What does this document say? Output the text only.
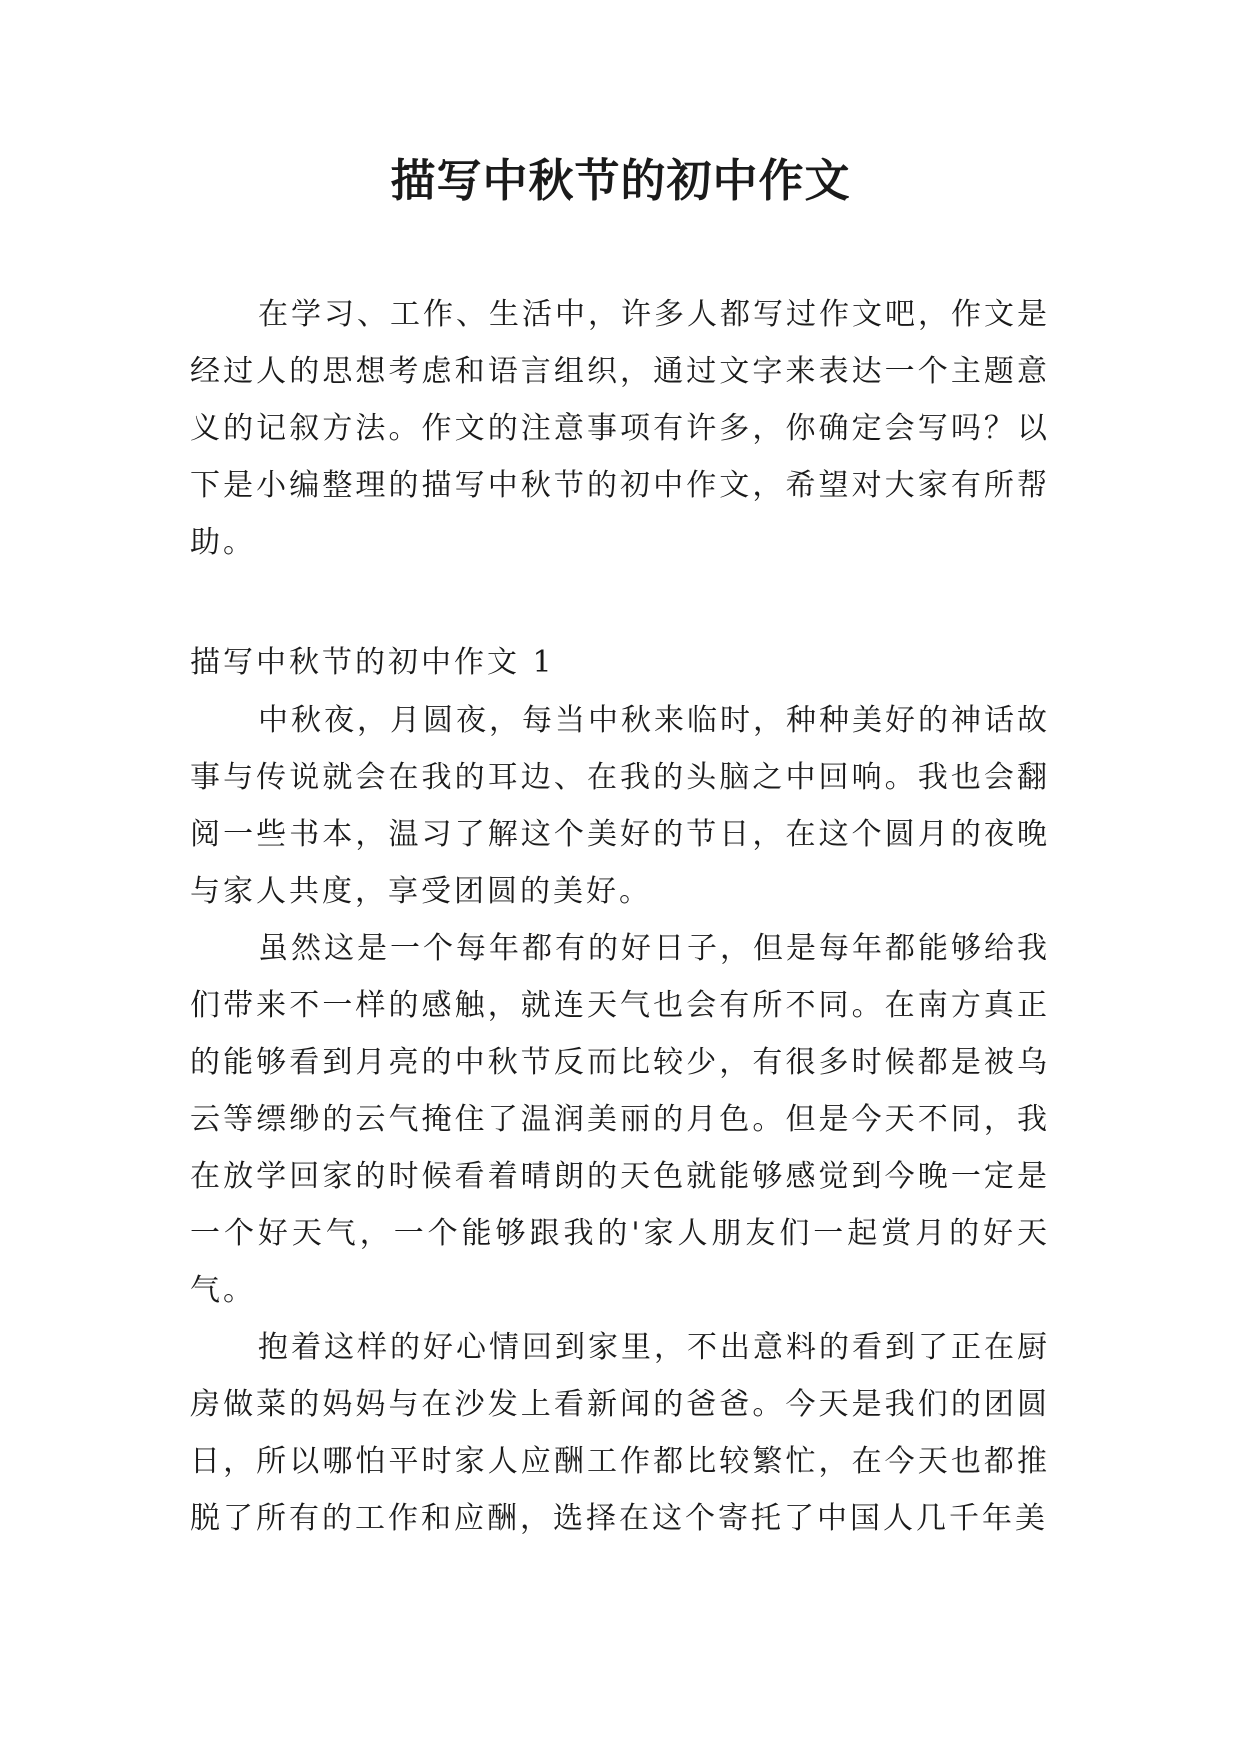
描写中秋节的初中作文

在学习、工作、生活中，许多人都写过作文吧，作文是经过人的思想考虑和语言组织，通过文字来表达一个主题意义的记叙方法。作文的注意事项有许多，你确定会写吗？以下是小编整理的描写中秋节的初中作文，希望对大家有所帮助。

描写中秋节的初中作文 1

中秋夜，月圆夜，每当中秋来临时，种种美好的神话故事与传说就会在我的耳边、在我的头脑之中回响。我也会翻阅一些书本，温习了解这个美好的节日，在这个圆月的夜晚与家人共度，享受团圆的美好。

虽然这是一个每年都有的好日子，但是每年都能够给我们带来不一样的感触，就连天气也会有所不同。在南方真正的能够看到月亮的中秋节反而比较少，有很多时候都是被乌云等缥缈的云气掩住了温润美丽的月色。但是今天不同，我在放学回家的时候看着晴朗的天色就能够感觉到今晚一定是一个好天气，一个能够跟我的'家人朋友们一起赏月的好天气。

抱着这样的好心情回到家里，不出意料的看到了正在厨房做菜的妈妈与在沙发上看新闻的爸爸。今天是我们的团圆日，所以哪怕平时家人应酬工作都比较繁忙，在今天也都推脱了所有的工作和应酬，选择在这个寄托了中国人几千年美
